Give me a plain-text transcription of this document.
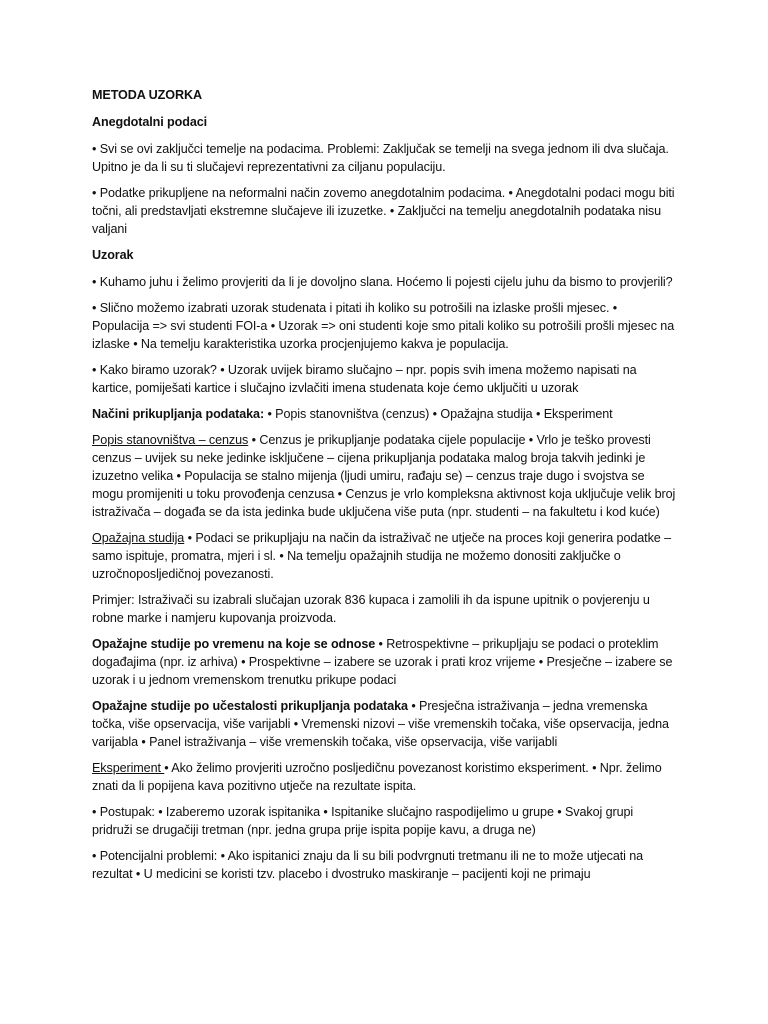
METODA UZORKA
Anegdotalni podaci

• Svi se ovi zaključci temelje na podacima. Problemi: Zaključak se temelji na svega jednom ili dva slučaja. Upitno je da li su ti slučajevi reprezentativni za ciljanu populaciju.

• Podatke prikupljene na neformalni način zovemo anegdotalnim podacima. • Anegdotalni podaci mogu biti točni, ali predstavljati ekstremne slučajeve ili izuzetke. • Zaključci na temelju anegdotalnih podataka nisu valjani

Uzorak

• Kuhamo juhu i želimo provjeriti da li je dovoljno slana. Hoćemo li pojesti cijelu juhu da bismo to provjerili?

• Slično možemo izabrati uzorak studenata i pitati ih koliko su potrošili na izlaske prošli mjesec. • Populacija => svi studenti FOI-a • Uzorak => oni studenti koje smo pitali koliko su potrošili prošli mjesec na izlaske • Na temelju karakteristika uzorka procjenjujemo kakva je populacija.

• Kako biramo uzorak? • Uzorak uvijek biramo slučajno – npr. popis svih imena možemo napisati na kartice, pomiješati kartice i slučajno izvlačiti imena studenata koje ćemo uključiti u uzorak

Načini prikupljanja podataka: • Popis stanovništva (cenzus) • Opažajna studija • Eksperiment

Popis stanovništva – cenzus • Cenzus je prikupljanje podataka cijele populacije • Vrlo je teško provesti cenzus – uvijek su neke jedinke isključene – cijena prikupljanja podataka malog broja takvih jedinki je izuzetno velika • Populacija se stalno mijenja (ljudi umiru, rađaju se) – cenzus traje dugo i svojstva se mogu promijeniti u toku provođenja cenzusa • Cenzus je vrlo kompleksna aktivnost koja uključuje velik broj istraživača – događa se da ista jedinka bude uključena više puta (npr. studenti – na fakultetu i kod kuće)

Opažajna studija • Podaci se prikupljaju na način da istraživač ne utječe na proces koji generira podatke – samo ispituje, promatra, mjeri i sl. • Na temelju opažajnih studija ne možemo donositi zaključke o uzročnoposljedičnoj povezanosti.

Primjer: Istraživači su izabrali slučajan uzorak 836 kupaca i zamolili ih da ispune upitnik o povjerenju u robne marke i namjeru kupovanja proizvoda.

Opažajne studije po vremenu na koje se odnose • Retrospektivne – prikupljaju se podaci o proteklim događajima (npr. iz arhiva) • Prospektivne – izabere se uzorak i prati kroz vrijeme • Presječne – izabere se uzorak i u jednom vremenskom trenutku prikupe podaci

Opažajne studije po učestalosti prikupljanja podataka • Presječna istraživanja – jedna vremenska točka, više opservacija, više varijabli • Vremenski nizovi – više vremenskih točaka, više opservacija, jedna varijabla • Panel istraživanja – više vremenskih točaka, više opservacija, više varijabli

Eksperiment • Ako želimo provjeriti uzročno posljedičnu povezanost koristimo eksperiment. • Npr. želimo znati da li popijena kava pozitivno utječe na rezultate ispita.

• Postupak: • Izaberemo uzorak ispitanika • Ispitanike slučajno raspodijelimo u grupe • Svakoj grupi pridruži se drugačiji tretman (npr. jedna grupa prije ispita popije kavu, a druga ne)

• Potencijalni problemi: • Ako ispitanici znaju da li su bili podvrgnuti tretmanu ili ne to može utjecati na rezultat • U medicini se koristi tzv. placebo i dvostruko maskiranje – pacijenti koji ne primaju
